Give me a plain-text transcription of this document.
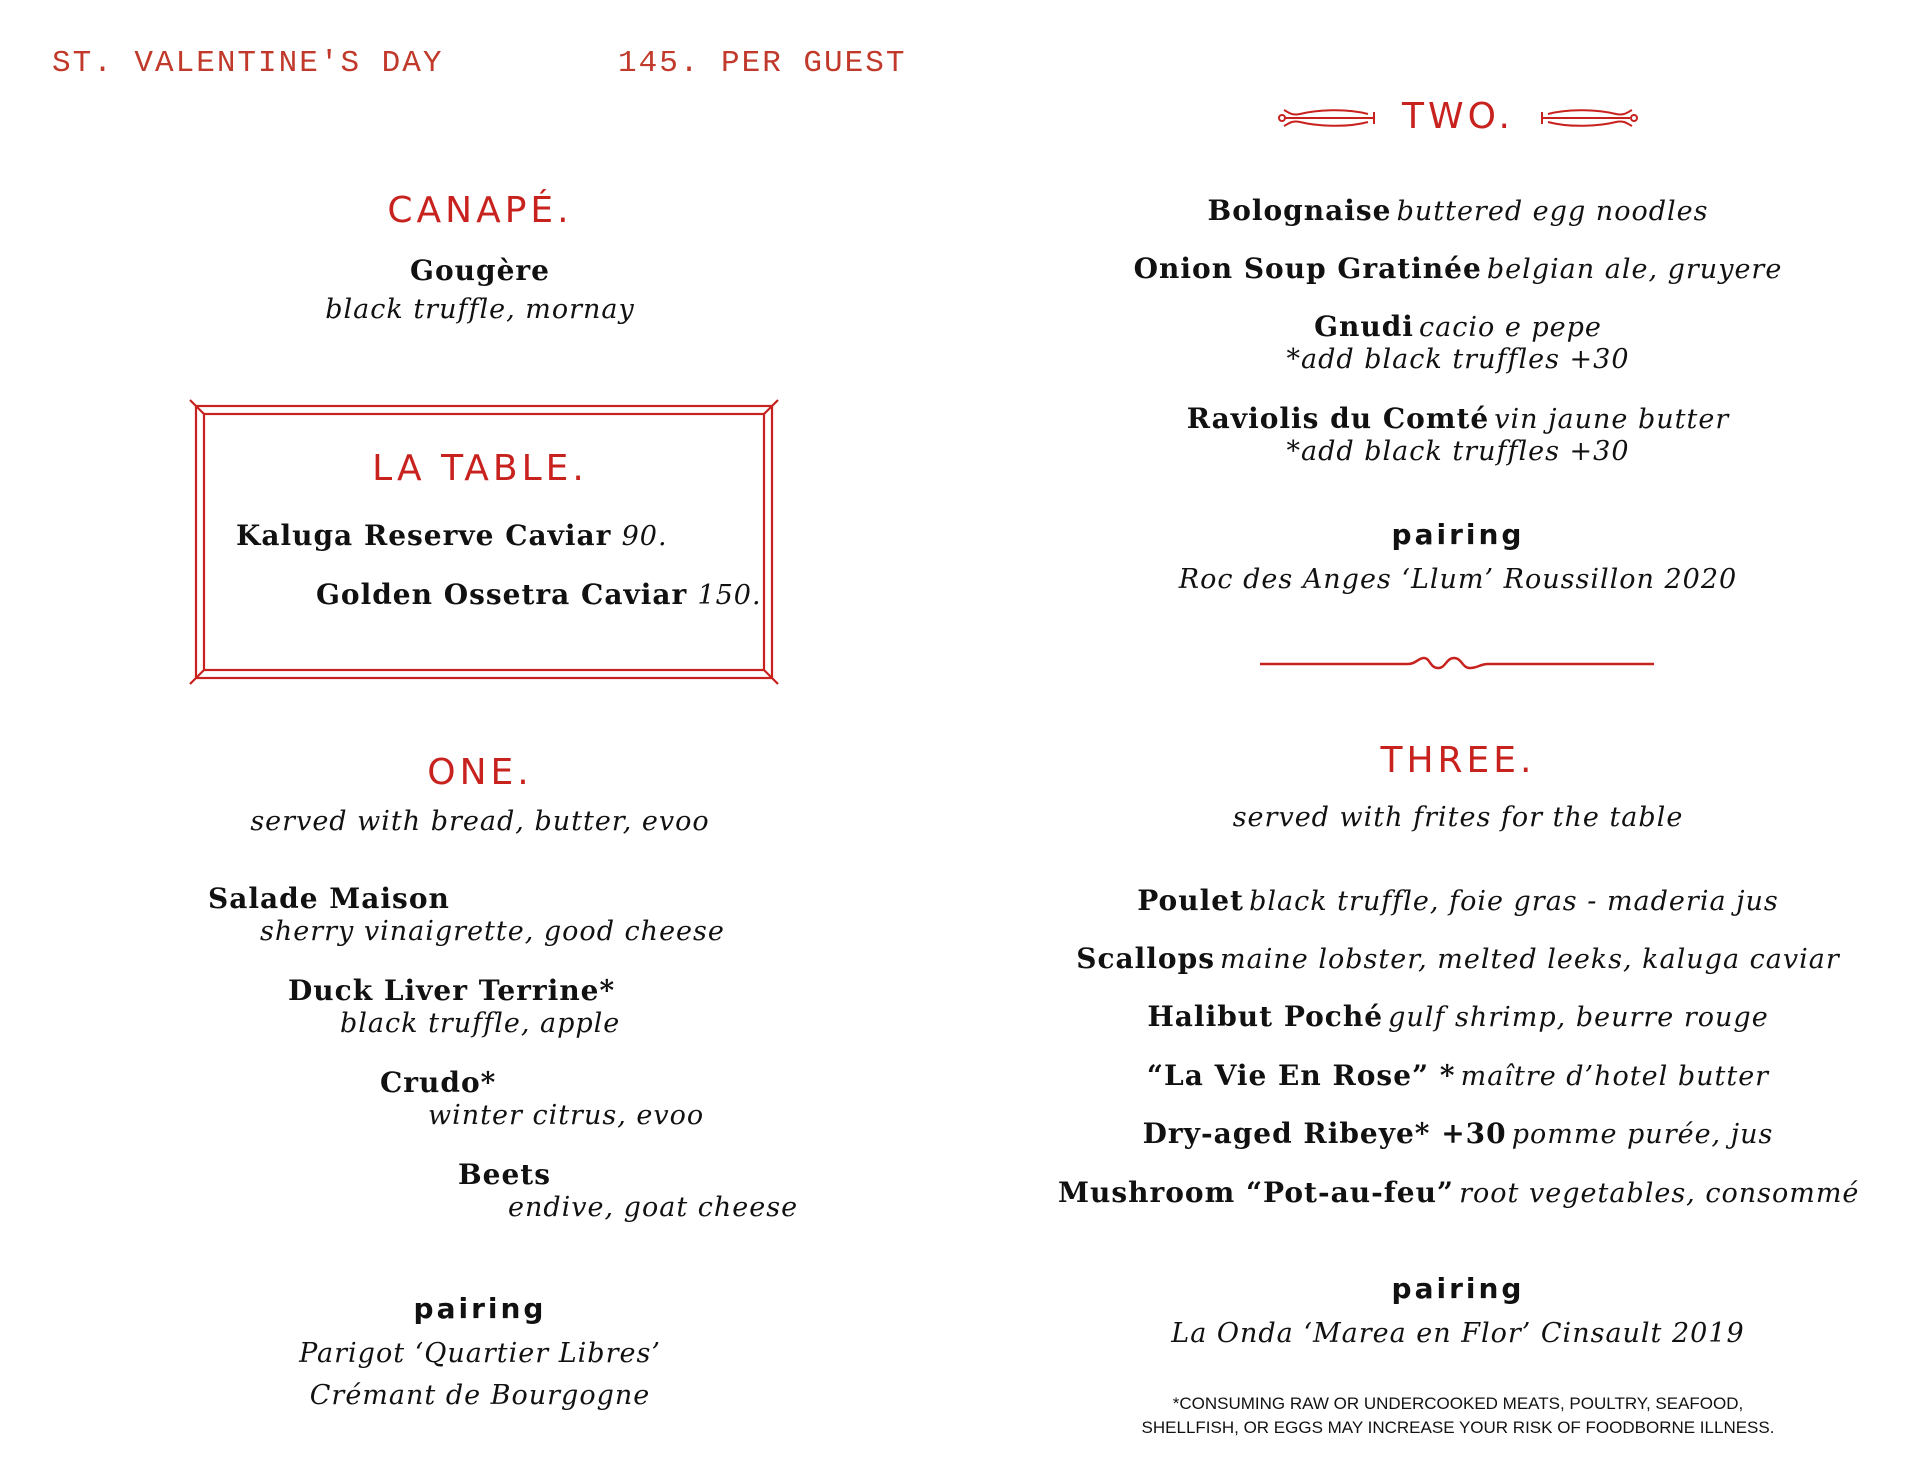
ST. VALENTINE'S DAY	145. PER GUEST
CANAPÉ.
Gougère
black truffle, mornay
LA TABLE.
Kaluga Reserve Caviar 90.
Golden Ossetra Caviar 150.
ONE.
served with bread, butter, evoo
Salade Maison
sherry vinaigrette, good cheese
Duck Liver Terrine*
black truffle, apple
Crudo*
winter citrus, evoo
Beets
endive, goat cheese
pairing
Parigot ‘Quartier Libres’
Crémant de Bourgogne
TWO.
Bolognaise buttered egg noodles
Onion Soup Gratinée belgian ale, gruyere
Gnudi cacio e pepe
*add black truffles +30
Raviolis du Comté vin jaune butter
*add black truffles +30
pairing
Roc des Anges ‘Llum’ Roussillon 2020
THREE.
served with frites for the table
Poulet black truffle, foie gras - maderia jus
Scallops maine lobster, melted leeks, kaluga caviar
Halibut Poché gulf shrimp, beurre rouge
“La Vie En Rose” * maître d’hotel butter
Dry-aged Ribeye* +30 pomme purée, jus
Mushroom “Pot-au-feu” root vegetables, consommé
pairing
La Onda ‘Marea en Flor’ Cinsault 2019
*CONSUMING RAW OR UNDERCOOKED MEATS, POULTRY, SEAFOOD,
SHELLFISH, OR EGGS MAY INCREASE YOUR RISK OF FOODBORNE ILLNESS.
